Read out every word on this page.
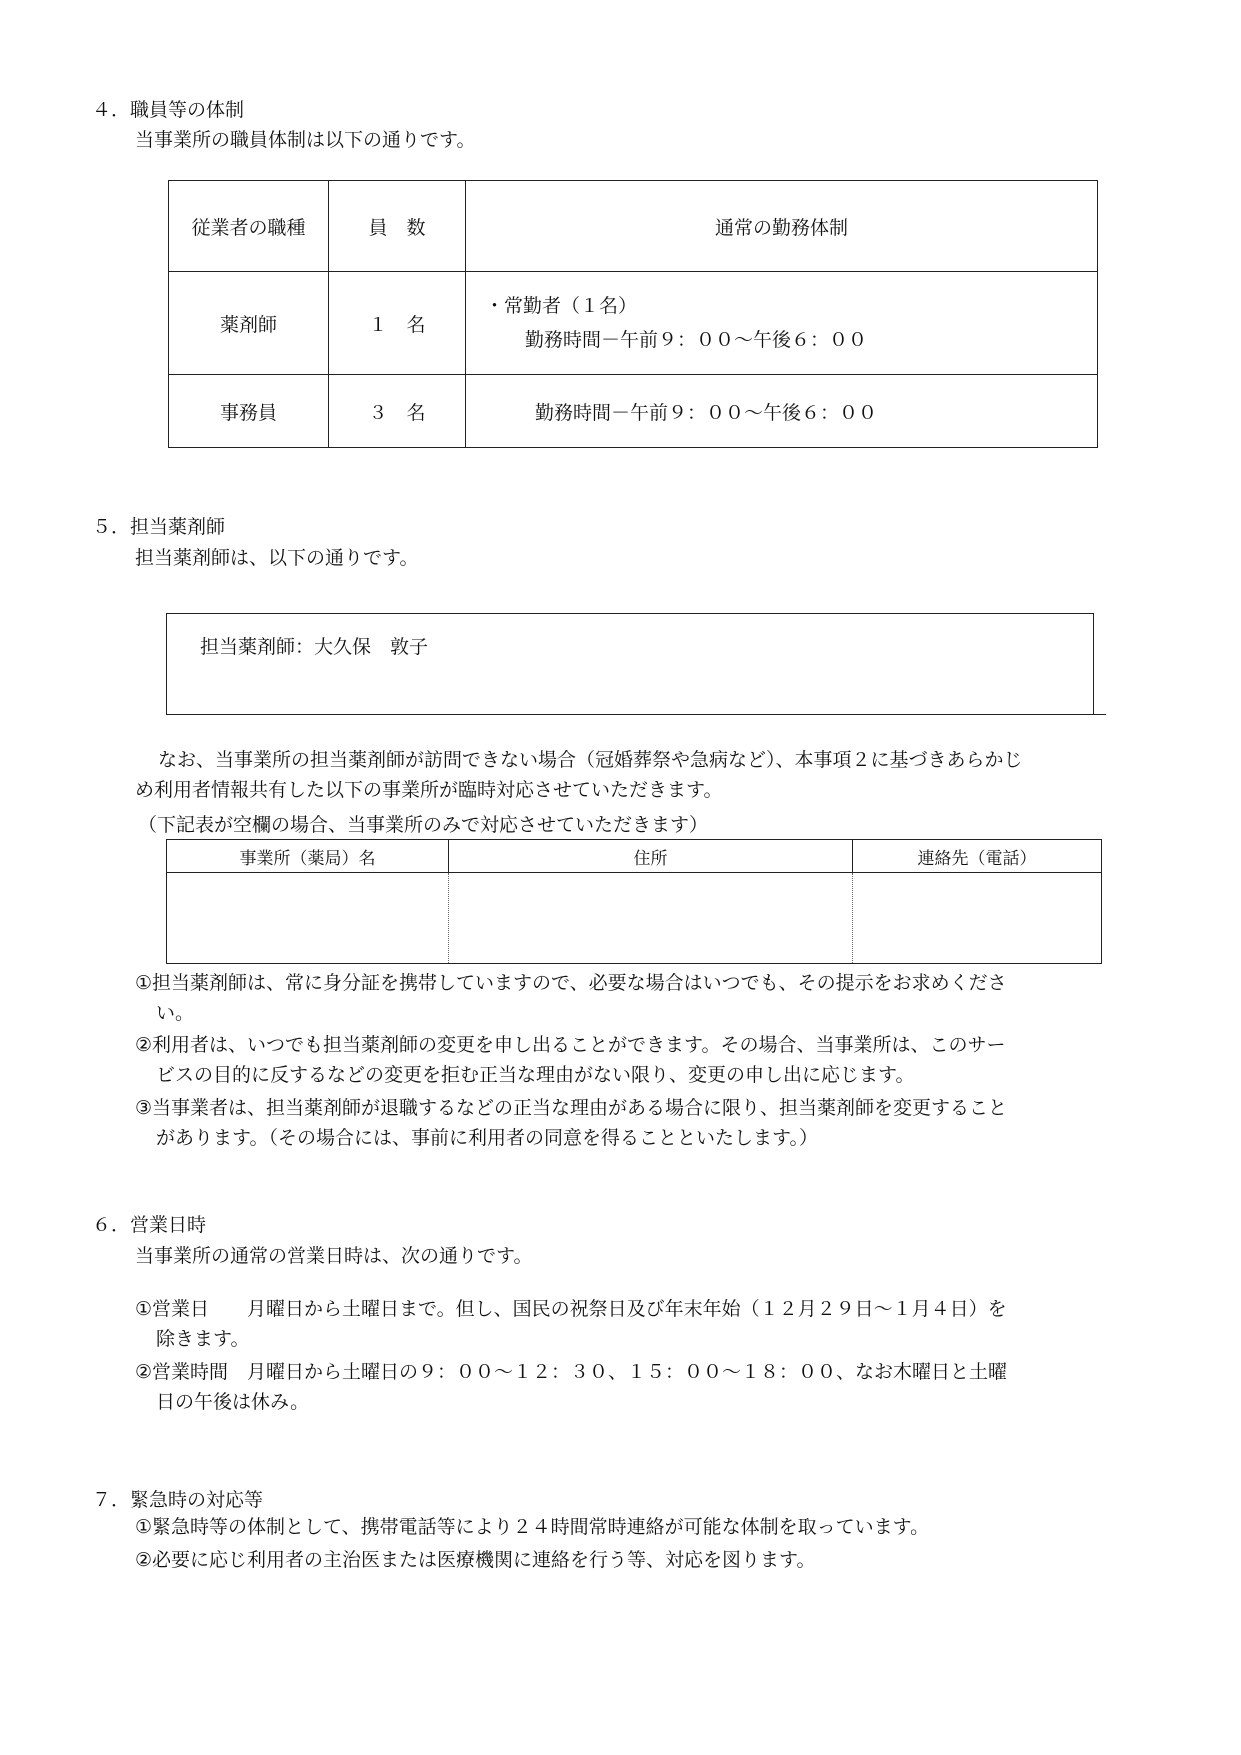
４．職員等の体制
当事業所の職員体制は以下の通りです。
従業者の職種	員　数	通常の勤務体制
薬剤師	１　名	・常勤者（１名）
勤務時間－午前９：００～午後６：００

事務員	３　名	勤務時間－午前９：００～午後６：００
５．担当薬剤師
担当薬剤師は、以下の通りです。
担当薬剤師：大久保　敦子
なお、当事業所の担当薬剤師が訪問できない場合（冠婚葬祭や急病など）、本事項２に基づきあらかじ
め利用者情報共有した以下の事業所が臨時対応させていただきます。
（下記表が空欄の場合、当事業所のみで対応させていただきます）
事業所（薬局）名	住所	連絡先（電話）

①担当薬剤師は、常に身分証を携帯していますので、必要な場合はいつでも、その提示をお求めくださ
い。
②利用者は、いつでも担当薬剤師の変更を申し出ることができます。その場合、当事業所は、このサー
ビスの目的に反するなどの変更を拒む正当な理由がない限り、変更の申し出に応じます。
③当事業者は、担当薬剤師が退職するなどの正当な理由がある場合に限り、担当薬剤師を変更すること
があります。（その場合には、事前に利用者の同意を得ることといたします。）
６．営業日時
当事業所の通常の営業日時は、次の通りです。
①営業日　　月曜日から土曜日まで。但し、国民の祝祭日及び年末年始（１２月２９日～１月４日）を
除きます。
②営業時間　月曜日から土曜日の９：００～１２：３０、１５：００～１８：００、なお木曜日と土曜
日の午後は休み。
７．緊急時の対応等
①緊急時等の体制として、携帯電話等により２４時間常時連絡が可能な体制を取っています。
②必要に応じ利用者の主治医または医療機関に連絡を行う等、対応を図ります。
